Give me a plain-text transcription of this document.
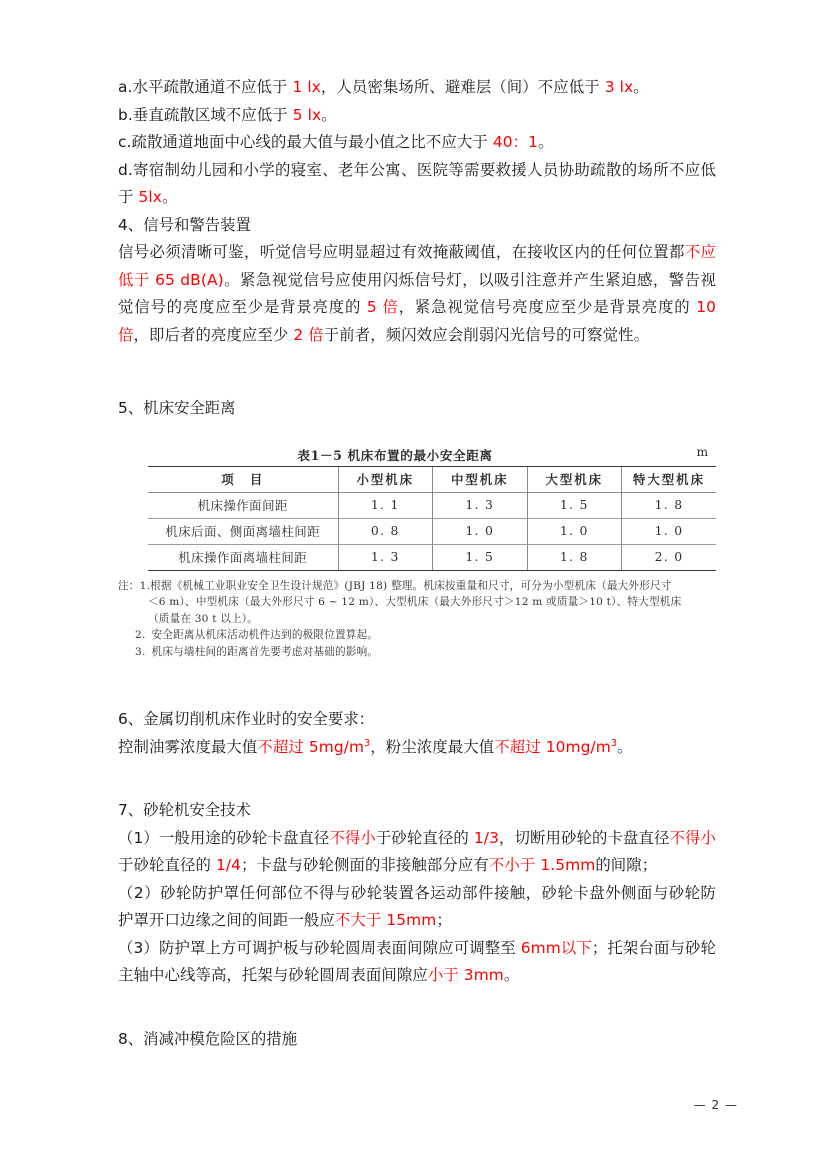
a.水平疏散通道不应低于 1 lx，人员密集场所、避难层（间）不应低于 3 lx。

b.垂直疏散区域不应低于 5 lx。

c.疏散通道地面中心线的最大值与最小值之比不应大于 40：1。

d.寄宿制幼儿园和小学的寝室、老年公寓、医院等需要救援人员协助疏散的场所不应低于 5lx。

4、信号和警告装置

信号必须清晰可鉴，听觉信号应明显超过有效掩蔽阈值，在接收区内的任何位置都不应低于 65 dB(A)。紧急视觉信号应使用闪烁信号灯，以吸引注意并产生紧迫感，警告视觉信号的亮度应至少是背景亮度的 5 倍，紧急视觉信号亮度应至少是背景亮度的 10 倍，即后者的亮度应至少 2 倍于前者，频闪效应会削弱闪光信号的可察觉性。

5、机床安全距离

表1－5 机床布置的最小安全距离	m
项 目	小型机床	中型机床	大型机床	特大型机床
机床操作面间距	1. 1	1. 3	1. 5	1. 8
机床后面、侧面离墙柱间距	0. 8	1. 0	1. 0	1. 0
机床操作面离墙柱间距	1. 3	1. 5	1. 8	2. 0
注：1. 根据《机械工业职业安全卫生设计规范》(JBJ 18) 整理。机床按重量和尺寸，可分为小型机床（最大外形尺寸
＜6 m）、中型机床（最大外形尺寸 6 ~ 12 m）、大型机床（最大外形尺寸＞12 m 或质量＞10 t）、特大型机床
（质量在 30 t 以上）。
2. 安全距离从机床活动机件达到的极限位置算起。
3. 机床与墙柱间的距离首先要考虑对基础的影响。

6、金属切削机床作业时的安全要求：

控制油雾浓度最大值不超过 $5mg/m^3$，粉尘浓度最大值不超过 $10mg/m^3$。

7、砂轮机安全技术

（1）一般用途的砂轮卡盘直径不得小于砂轮直径的 1/3，切断用砂轮的卡盘直径不得小于砂轮直径的 1/4；卡盘与砂轮侧面的非接触部分应有不小于 1.5mm的间隙；

（2）砂轮防护罩任何部位不得与砂轮装置各运动部件接触，砂轮卡盘外侧面与砂轮防护罩开口边缘之间的间距一般应不大于 15mm；

（3）防护罩上方可调护板与砂轮圆周表面间隙应可调整至 6mm以下；托架台面与砂轮主轴中心线等高，托架与砂轮圆周表面间隙应小于 3mm。

8、消减冲模危险区的措施

— 2 —
